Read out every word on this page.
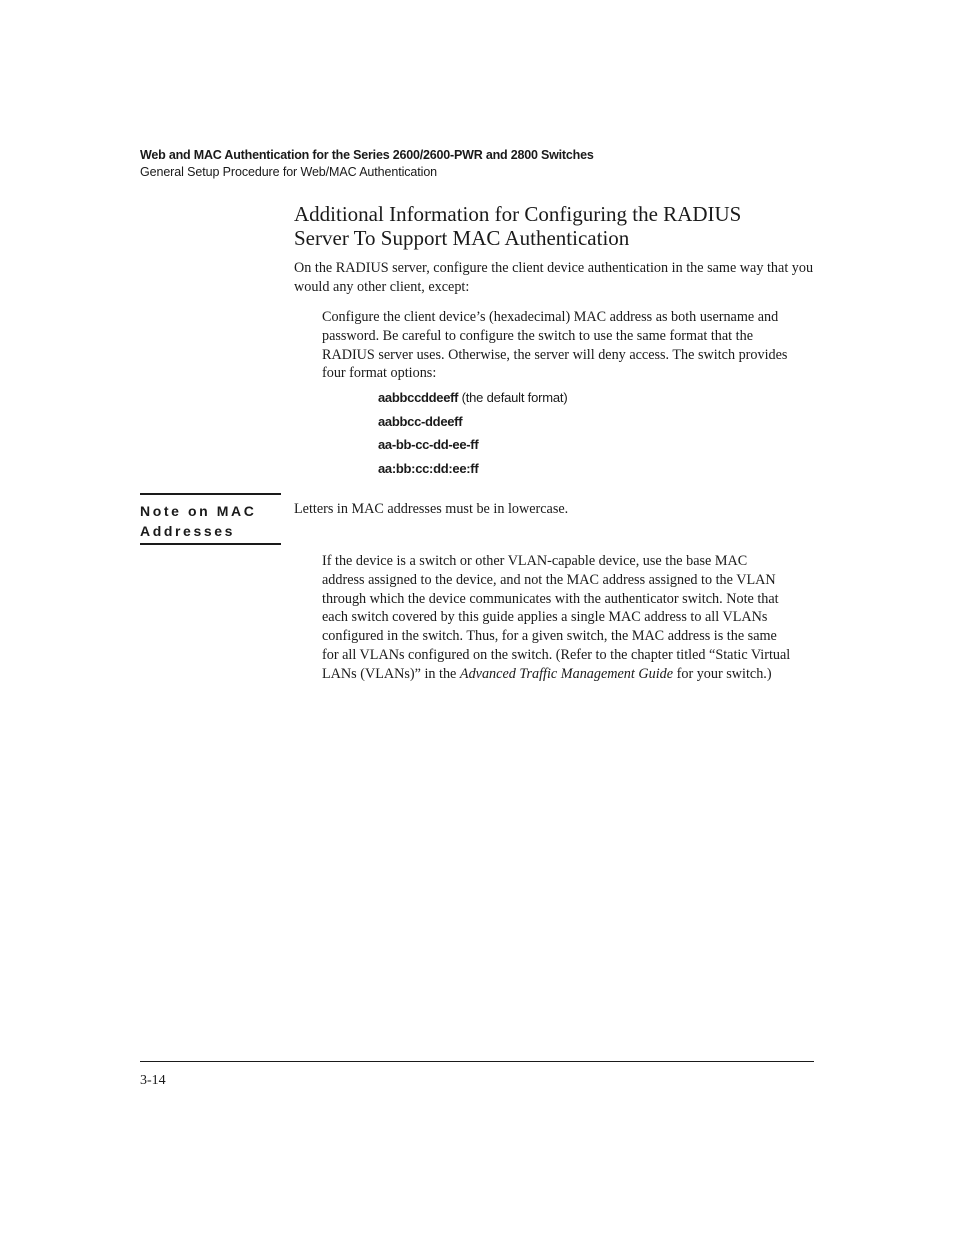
Web and MAC Authentication for the Series 2600/2600-PWR and 2800 Switches
General Setup Procedure for Web/MAC Authentication
Additional Information for Configuring the RADIUS
Server To Support MAC Authentication

On the RADIUS server, configure the client device authentication in the same way that you would any other client, except:

Configure the client device’s (hexadecimal) MAC address as both username and password. Be careful to configure the switch to use the same format that the RADIUS server uses. Otherwise, the server will deny access. The switch provides four format options:

aabbccddeeff (the default format)
aabbcc-ddeeff
aa-bb-cc-dd-ee-ff
aa:bb:cc:dd:ee:ff
Note on MAC
Addresses

Letters in MAC addresses must be in lowercase.

If the device is a switch or other VLAN-capable device, use the base MAC address assigned to the device, and not the MAC address assigned to the VLAN through which the device communicates with the authenticator switch. Note that each switch covered by this guide applies a single MAC address to all VLANs configured in the switch. Thus, for a given switch, the MAC address is the same for all VLANs configured on the switch. (Refer to the chapter titled “Static Virtual LANs (VLANs)” in the Advanced Traffic Management Guide for your switch.)

3-14
